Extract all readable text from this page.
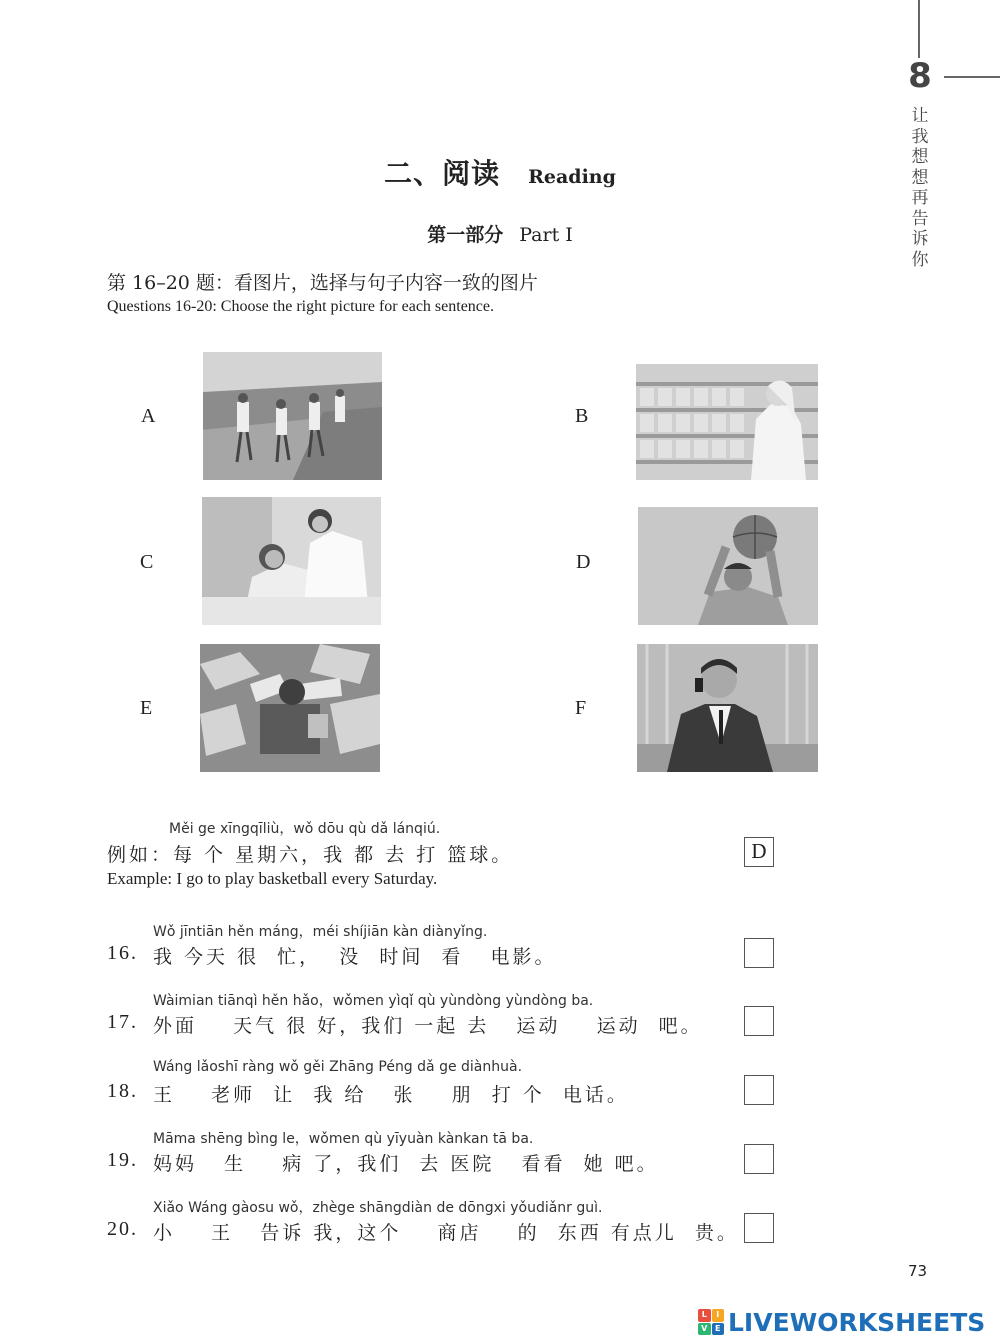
8
让我想想再告诉你
二、阅读 Reading
第一部分 Part Ⅰ
第 16–20 题：看图片，选择与句子内容一致的图片
Questions 16-20: Choose the right picture for each sentence.
A	B
C	D
E	F
Měi ge xīngqīliù，wǒ dōu qù dǎ lánqiú.
例如：每 个 星期六，我 都 去 打 篮球。
Example: I go to play basketball every Saturday.
D
Wǒ jīntiān hěn máng，méi shíjiān kàn diànyǐng.
16. 我 今天 很  忙，  没  时间  看   电影。
Wàimian tiānqì hěn hǎo，wǒmen yìqǐ qù yùndòng yùndòng ba.
17. 外面    天气 很 好，我们 一起 去   运动    运动  吧。
Wáng lǎoshī ràng wǒ gěi Zhāng Péng dǎ ge diànhuà.
18. 王    老师  让  我 给   张    朋  打 个  电话。
Māma shēng bìng le，wǒmen qù yīyuàn kànkan tā ba.
19. 妈妈   生    病 了，我们  去 医院   看看  她 吧。
Xiǎo Wáng gàosu wǒ，zhège shāngdiàn de dōngxi yǒudiǎnr guì.
20. 小    王   告诉 我，这个    商店    的  东西 有点儿  贵。
73
L	I
V E LIVEWORKSHEETS
